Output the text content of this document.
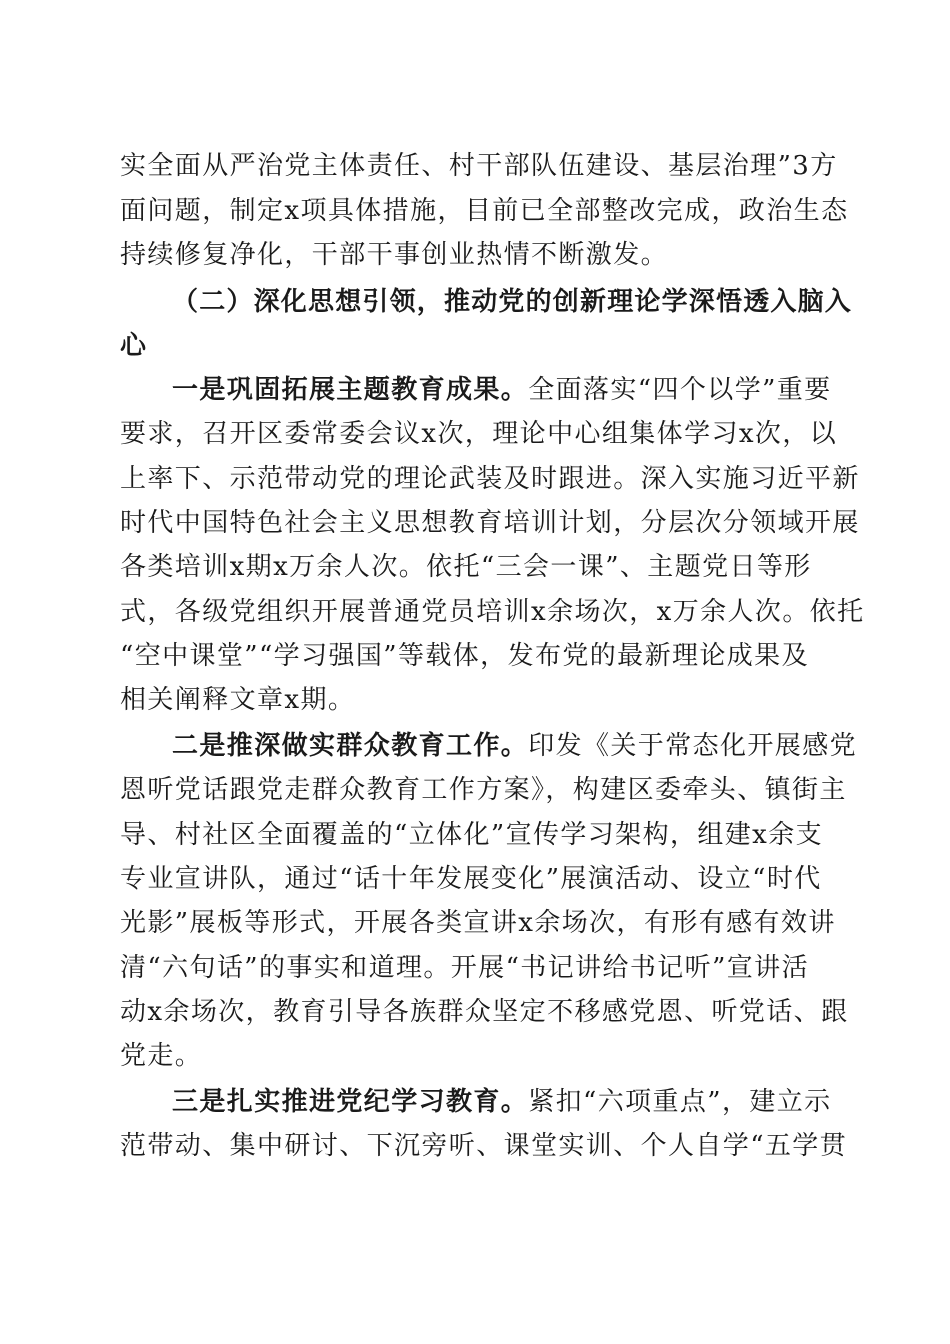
实全面从严治党主体责任、村干部队伍建设、基层治理”3方
面问题，制定x项具体措施，目前已全部整改完成，政治生态
持续修复净化，干部干事创业热情不断激发。
（二）深化思想引领，推动党的创新理论学深悟透入脑入
心
一是巩固拓展主题教育成果。全面落实“四个以学”重要
要求，召开区委常委会议x次，理论中心组集体学习x次，以
上率下、示范带动党的理论武装及时跟进。深入实施习近平新
时代中国特色社会主义思想教育培训计划，分层次分领域开展
各类培训x期x万余人次。依托“三会一课”、主题党日等形
式，各级党组织开展普通党员培训x余场次，x万余人次。依托
“空中课堂”“学习强国”等载体，发布党的最新理论成果及
相关阐释文章x期。
二是推深做实群众教育工作。印发《关于常态化开展感党
恩听党话跟党走群众教育工作方案》，构建区委牵头、镇街主
导、村社区全面覆盖的“立体化”宣传学习架构，组建x余支
专业宣讲队，通过“话十年发展变化”展演活动、设立“时代
光影”展板等形式，开展各类宣讲x余场次，有形有感有效讲
清“六句话”的事实和道理。开展“书记讲给书记听”宣讲活
动x余场次，教育引导各族群众坚定不移感党恩、听党话、跟
党走。
三是扎实推进党纪学习教育。紧扣“六项重点”，建立示
范带动、集中研讨、下沉旁听、课堂实训、个人自学“五学贯
